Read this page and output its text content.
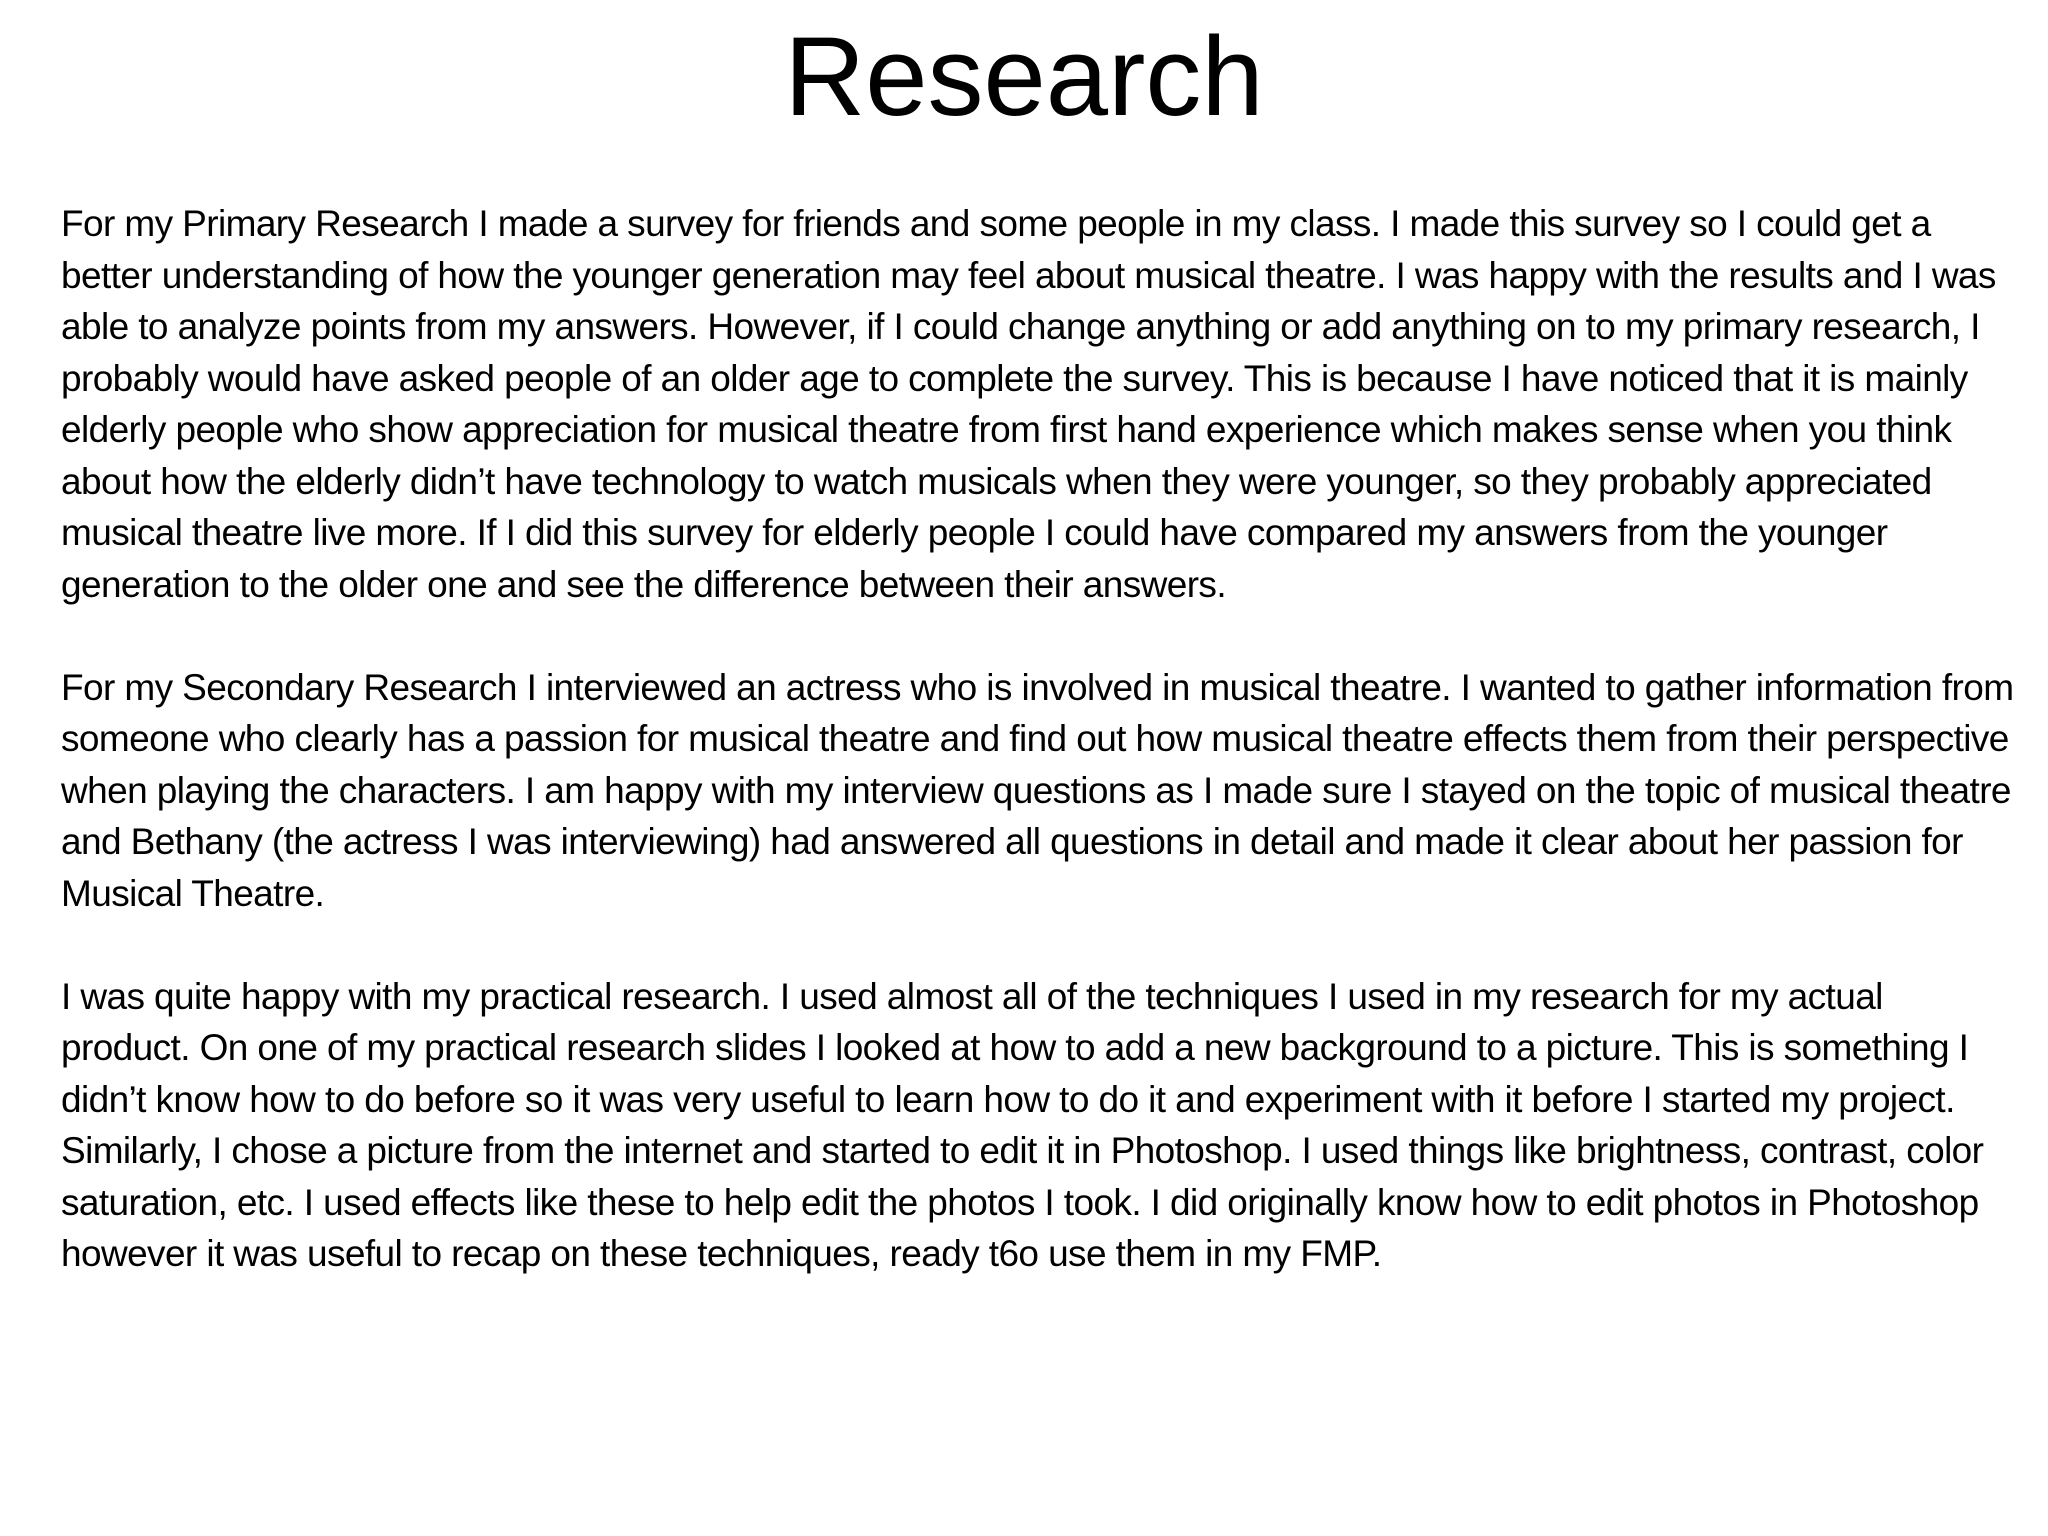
Research

For my Primary Research I made a survey for friends and some people in my class. I made this survey so I could get a better understanding of how the younger generation may feel about musical theatre. I was happy with the results and I was able to analyze points from my answers. However, if I could change anything or add anything on to my primary research, I probably would have asked people of an older age to complete the survey. This is because I have noticed that it is mainly elderly people who show appreciation for musical theatre from first hand experience which makes sense when you think about how the elderly didn’t have technology to watch musicals when they were younger, so they probably appreciated musical theatre live more. If I did this survey for elderly people I could have compared my answers from the younger generation to the older one and see the difference between their answers.

For my Secondary Research I interviewed an actress who is involved in musical theatre. I wanted to gather information from someone who clearly has a passion for musical theatre and find out how musical theatre effects them from their perspective when playing the characters. I am happy with my interview questions as I made sure I stayed on the topic of musical theatre and Bethany (the actress I was interviewing) had answered all questions in detail and made it clear about her passion for Musical Theatre.

I was quite happy with my practical research. I used almost all of the techniques I used in my research for my actual product. On one of my practical research slides I looked at how to add a new background to a picture. This is something I didn’t know how to do before so it was very useful to learn how to do it and experiment with it before I started my project.

Similarly, I chose a picture from the internet and started to edit it in Photoshop. I used things like brightness, contrast, color saturation, etc. I used effects like these to help edit the photos I took. I did originally know how to edit photos in Photoshop however it was useful to recap on these techniques, ready t6o use them in my FMP.
